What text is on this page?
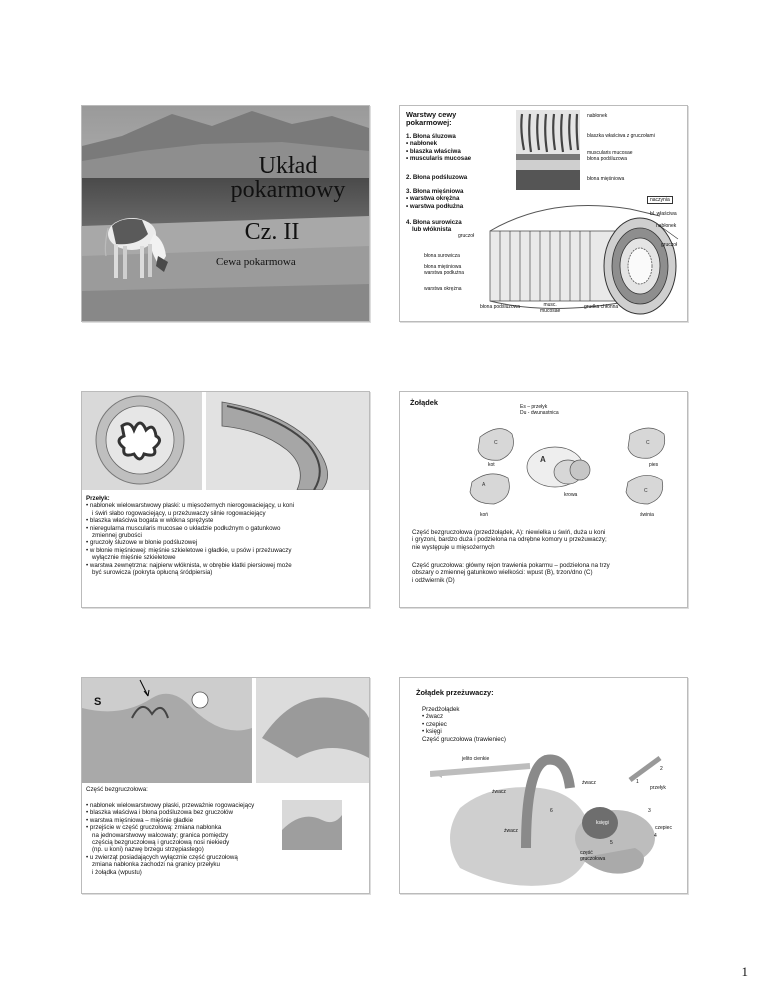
Układ
pokarmowy
Cz. II
Cewa pokarmowa
Warstwy cewy pokarmowej:
1. Błona śluzowa
• nabłonek
• blaszka właściwa
• muscularis mucosae
2. Błona podśluzowa
3. Błona mięśniowa
• warstwa okrężna
• warstwa podłużna
4. Błona surowicza
lub włóknista
nabłonek
blaszka właściwa z gruczołami
muscularis mucosae
błona podśluzowa
błona mięśniowa
naczynia
bl. właściwa
nabłonek
gruczoł
gruczoł
błona surowicza
błona mięśniowa
warstwa podłużna
warstwa okrężna
błona podśluzowa	musc.
mucosae
grudka chłonna
Przełyk:
• nabłonek wielowarstwowy płaski: u mięsożernych nierogowaciejący, u koni
i świń słabo rogowaciejący, u przeżuwaczy silnie rogowaciejący
• blaszka właściwa bogata w włókna sprężyste
• nieregularna muscularis mucosae o układzie podłużnym o gatunkowo
zmiennej grubości
• gruczoły śluzowe w błonie podśluzowej
• w błonie mięśniowej: mięśnie szkieletowe i gładkie, u psów i przeżuwaczy
wyłącznie mięśnie szkieletowe
• warstwa zewnętrzna: najpierw włóknista, w obrębie klatki piersiowej może
być surowicza (pokryta opłucną śródpiersia)
Żołądek	Es – przełyk
Du - dwunastnica
C	C
A
A
C
kot	pies
krowa
koń	świnia
Część bezgruczołowa (przedżołądek, A): niewielka u świń, duża u koni
i gryzoni, bardzo duża i podzielona na odrębne komory u przeżuwaczy;
nie występuje u mięsożernych
Część gruczołowa: główny rejon trawienia pokarmu – podzielona na trzy
obszary o zmiennej gatunkowo wielkości: wpust (B), trzon/dno (C)
i odźwiernik (D)
S
Część bezgruczołowa:
• nabłonek wielowarstwowy płaski, przeważnie rogowaciejący
• blaszka właściwa i błona podśluzowa bez gruczołów
• warstwa mięśniowa – mięśnie gładkie
• przejście w część gruczołową: zmiana nabłonka
na jednowarstwowy walcowaty; granica pomiędzy
częścią bezgruczołową i gruczołową nosi niekiedy
(np. u koni) nazwę brzegu strzępiastego)
• u zwierząt posiadających wyłącznie część gruczołową
zmiana nabłonka zachodzi na granicy przełyku
i żołądka (wpustu)
Żołądek przeżuwaczy:
Przedżołądek
• żwacz
• czepiec
• księgi
Część gruczołowa (trawieniec)
jelito cienkie
żwacz
żwacz
żwacz
przełyk
księgi
czepiec
część
gruczołowa
1
2
3
4
5
6
1
